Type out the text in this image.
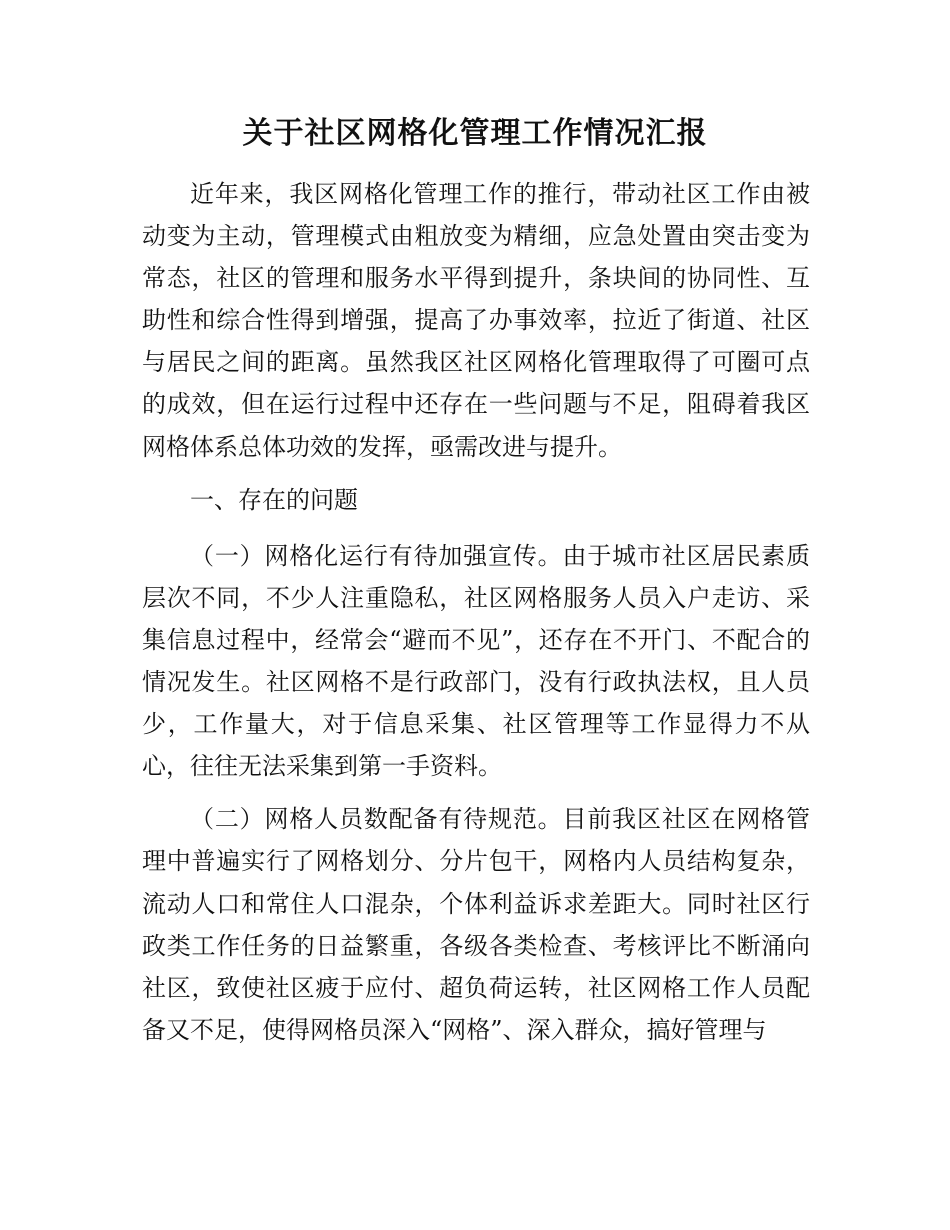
关于社区网格化管理工作情况汇报

近年来，我区网格化管理工作的推行，带动社区工作由被动变为主动，管理模式由粗放变为精细，应急处置由突击变为常态，社区的管理和服务水平得到提升，条块间的协同性、互助性和综合性得到增强，提高了办事效率，拉近了街道、社区与居民之间的距离。虽然我区社区网格化管理取得了可圈可点的成效，但在运行过程中还存在一些问题与不足，阻碍着我区网格体系总体功效的发挥，亟需改进与提升。

一、存在的问题

（一）网格化运行有待加强宣传。由于城市社区居民素质层次不同，不少人注重隐私，社区网格服务人员入户走访、采集信息过程中，经常会“避而不见”，还存在不开门、不配合的情况发生。社区网格不是行政部门，没有行政执法权，且人员少，工作量大，对于信息采集、社区管理等工作显得力不从心，往往无法采集到第一手资料。

（二）网格人员数配备有待规范。目前我区社区在网格管理中普遍实行了网格划分、分片包干，网格内人员结构复杂，流动人口和常住人口混杂，个体利益诉求差距大。同时社区行政类工作任务的日益繁重，各级各类检查、考核评比不断涌向社区，致使社区疲于应付、超负荷运转，社区网格工作人员配备又不足，使得网格员深入“网格”、深入群众，搞好管理与
